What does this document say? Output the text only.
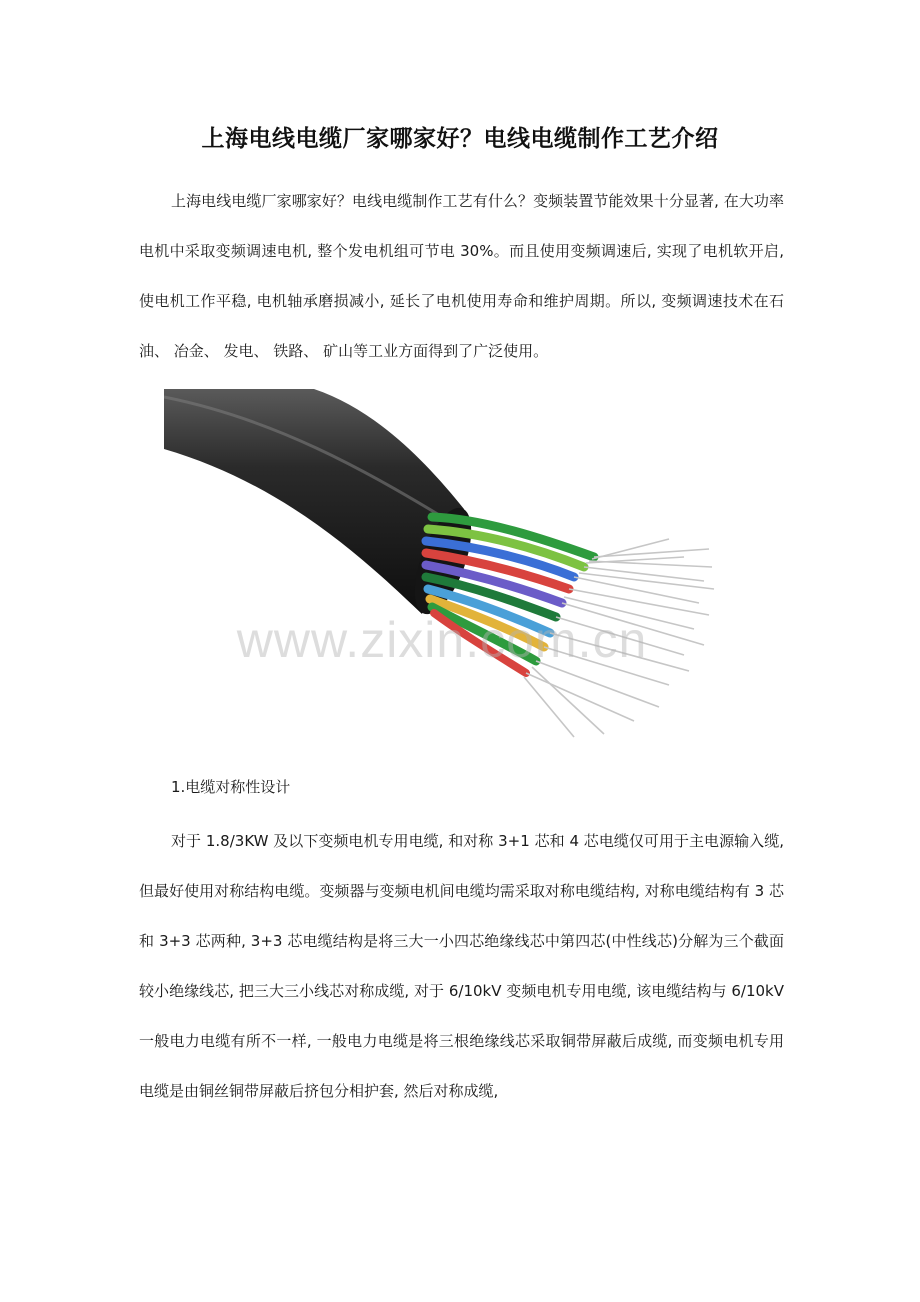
上海电线电缆厂家哪家好？电线电缆制作工艺介绍
上海电线电缆厂家哪家好？电线电缆制作工艺有什么？变频装置节能效果十分显著, 在大功率电机中采取变频调速电机, 整个发电机组可节电 30%。而且使用变频调速后, 实现了电机软开启, 使电机工作平稳, 电机轴承磨损减小, 延长了电机使用寿命和维护周期。所以, 变频调速技术在石油、 冶金、 发电、 铁路、 矿山等工业方面得到了广泛使用。
www.zixin.com.cn
1.电缆对称性设计
对于 1.8/3KW 及以下变频电机专用电缆, 和对称 3+1 芯和 4 芯电缆仅可用于主电源输入缆, 但最好使用对称结构电缆。变频器与变频电机间电缆均需采取对称电缆结构, 对称电缆结构有 3 芯和 3+3 芯两种, 3+3 芯电缆结构是将三大一小四芯绝缘线芯中第四芯(中性线芯)分解为三个截面较小绝缘线芯, 把三大三小线芯对称成缆, 对于 6/10kV 变频电机专用电缆, 该电缆结构与 6/10kV 一般电力电缆有所不一样, 一般电力电缆是将三根绝缘线芯采取铜带屏蔽后成缆, 而变频电机专用电缆是由铜丝铜带屏蔽后挤包分相护套, 然后对称成缆,
